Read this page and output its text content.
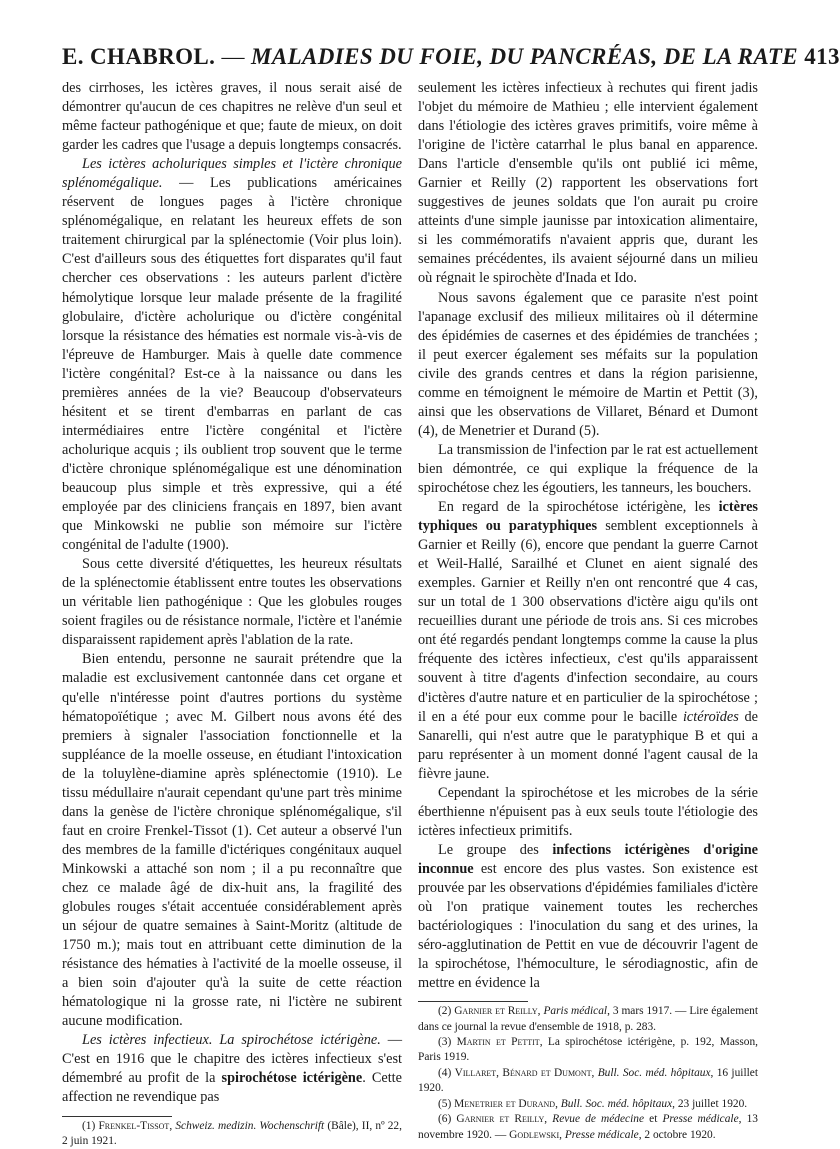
E. CHABROL. — MALADIES DU FOIE, DU PANCRÉAS, DE LA RATE 413

des cirrhoses, les ictères graves, il nous serait aisé de démontrer qu'aucun de ces chapitres ne relève d'un seul et même facteur pathogénique et que; faute de mieux, on doit garder les cadres que l'usage a depuis longtemps consacrés.

Les ictères acholuriques simples et l'ictère chronique splénomégalique. — Les publications américaines réservent de longues pages à l'ictère chronique splénomégalique, en relatant les heureux effets de son traitement chirurgical par la splénectomie (Voir plus loin). C'est d'ailleurs sous des étiquettes fort disparates qu'il faut chercher ces observations : les auteurs parlent d'ictère hémolytique lorsque leur malade présente de la fragilité globulaire, d'ictère acholurique ou d'ictère congénital lorsque la résistance des hématies est normale vis-à-vis de l'épreuve de Hamburger. Mais à quelle date commence l'ictère congénital? Est-ce à la naissance ou dans les premières années de la vie? Beaucoup d'observateurs hésitent et se tirent d'embarras en parlant de cas intermédiaires entre l'ictère congénital et l'ictère acholurique acquis ; ils oublient trop souvent que le terme d'ictère chronique splénomégalique est une dénomination beaucoup plus simple et très expressive, qui a été employée par des cliniciens français en 1897, bien avant que Minkowski ne publie son mémoire sur l'ictère congénital de l'adulte (1900).

Sous cette diversité d'étiquettes, les heureux résultats de la splénectomie établissent entre toutes les observations un véritable lien pathogénique : Que les globules rouges soient fragiles ou de résistance normale, l'ictère et l'anémie disparaissent rapidement après l'ablation de la rate.

Bien entendu, personne ne saurait prétendre que la maladie est exclusivement cantonnée dans cet organe et qu'elle n'intéresse point d'autres portions du système hématopoïétique ; avec M. Gilbert nous avons été des premiers à signaler l'association fonctionnelle et la suppléance de la moelle osseuse, en étudiant l'intoxication de la toluylène-diamine après splénectomie (1910). Le tissu médullaire n'aurait cependant qu'une part très minime dans la genèse de l'ictère chronique splénomégalique, s'il faut en croire Frenkel-Tissot (1). Cet auteur a observé l'un des membres de la famille d'ictériques congénitaux auquel Minkowski a attaché son nom ; il a pu reconnaître que chez ce malade âgé de dix-huit ans, la fragilité des globules rouges s'était accentuée considérablement après un séjour de quatre semaines à Saint-Moritz (altitude de 1750 m.); mais tout en attribuant cette diminution de la résistance des hématies à l'activité de la moelle osseuse, il a bien soin d'ajouter qu'à la suite de cette réaction hématologique ni la grosse rate, ni l'ictère ne subirent aucune modification.

Les ictères infectieux. La spirochétose ictérigène. — C'est en 1916 que le chapitre des ictères infectieux s'est démembré au profit de la spirochétose ictérigène. Cette affection ne revendique pas

(1) Frenkel-Tissot, Schweiz. medizin. Wochenschrift (Bâle), II, nº 22, 2 juin 1921.

seulement les ictères infectieux à rechutes qui firent jadis l'objet du mémoire de Mathieu ; elle intervient également dans l'étiologie des ictères graves primitifs, voire même à l'origine de l'ictère catarrhal le plus banal en apparence. Dans l'article d'ensemble qu'ils ont publié ici même, Garnier et Reilly (2) rapportent les observations fort suggestives de jeunes soldats que l'on aurait pu croire atteints d'une simple jaunisse par intoxication alimentaire, si les commémoratifs n'avaient appris que, durant les semaines précédentes, ils avaient séjourné dans un milieu où régnait le spirochète d'Inada et Ido.

Nous savons également que ce parasite n'est point l'apanage exclusif des milieux militaires où il détermine des épidémies de casernes et des épidémies de tranchées ; il peut exercer également ses méfaits sur la population civile des grands centres et dans la région parisienne, comme en témoignent le mémoire de Martin et Pettit (3), ainsi que les observations de Villaret, Bénard et Dumont (4), de Menetrier et Durand (5).

La transmission de l'infection par le rat est actuellement bien démontrée, ce qui explique la fréquence de la spirochétose chez les égoutiers, les tanneurs, les bouchers.

En regard de la spirochétose ictérigène, les ictères typhiques ou paratyphiques semblent exceptionnels à Garnier et Reilly (6), encore que pendant la guerre Carnot et Weil-Hallé, Sarailhé et Clunet en aient signalé des exemples. Garnier et Reilly n'en ont rencontré que 4 cas, sur un total de 1 300 observations d'ictère aigu qu'ils ont recueillies durant une période de trois ans. Si ces microbes ont été regardés pendant longtemps comme la cause la plus fréquente des ictères infectieux, c'est qu'ils apparaissent souvent à titre d'agents d'infection secondaire, au cours d'ictères d'autre nature et en particulier de la spirochétose ; il en a été pour eux comme pour le bacille ictéroïdes de Sanarelli, qui n'est autre que le paratyphique B et qui a paru représenter à un moment donné l'agent causal de la fièvre jaune.

Cependant la spirochétose et les microbes de la série éberthienne n'épuisent pas à eux seuls toute l'étiologie des ictères infectieux primitifs.

Le groupe des infections ictérigènes d'origine inconnue est encore des plus vastes. Son existence est prouvée par les observations d'épidémies familiales d'ictère où l'on pratique vainement toutes les recherches bactériologiques : l'inoculation du sang et des urines, la séro-agglutination de Pettit en vue de découvrir l'agent de la spirochétose, l'hémoculture, le sérodiagnostic, afin de mettre en évidence la

(2) Garnier et Reilly, Paris médical, 3 mars 1917. — Lire également dans ce journal la revue d'ensemble de 1918, p. 283.

(3) Martin et Pettit, La spirochétose ictérigène, p. 192, Masson, Paris 1919.

(4) Villaret, Bénard et Dumont, Bull. Soc. méd. hôpitaux, 16 juillet 1920.

(5) Menetrier et Durand, Bull. Soc. méd. hôpitaux, 23 juillet 1920.

(6) Garnier et Reilly, Revue de médecine et Presse médicale, 13 novembre 1920. — Godlewski, Presse médicale, 2 octobre 1920.
